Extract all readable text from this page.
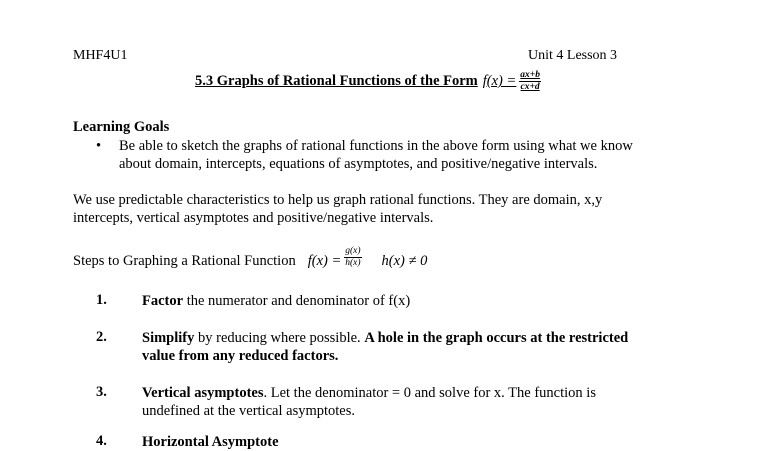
MHF4U1	Unit 4 Lesson 3
5.3 Graphs of Rational Functions of the Form $f(x) = \frac{ax+b}{cx+d}$
Learning Goals
• Be able to sketch the graphs of rational functions in the above form using what we know
about domain, intercepts, equations of asymptotes, and positive/negative intervals.
We use predictable characteristics to help us graph rational functions. They are domain, x,y
intercepts, vertical asymptotes and positive/negative intervals.
Steps to Graphing a Rational Function $f(x) = \frac{g(x)}{h(x)} h(x) \ne 0$
1. Factor the numerator and denominator of f(x)
2. Simplify by reducing where possible. A hole in the graph occurs at the restricted
value from any reduced factors.
3. Vertical asymptotes. Let the denominator = 0 and solve for x. The function is
undefined at the vertical asymptotes.
4. Horizontal Asymptote
